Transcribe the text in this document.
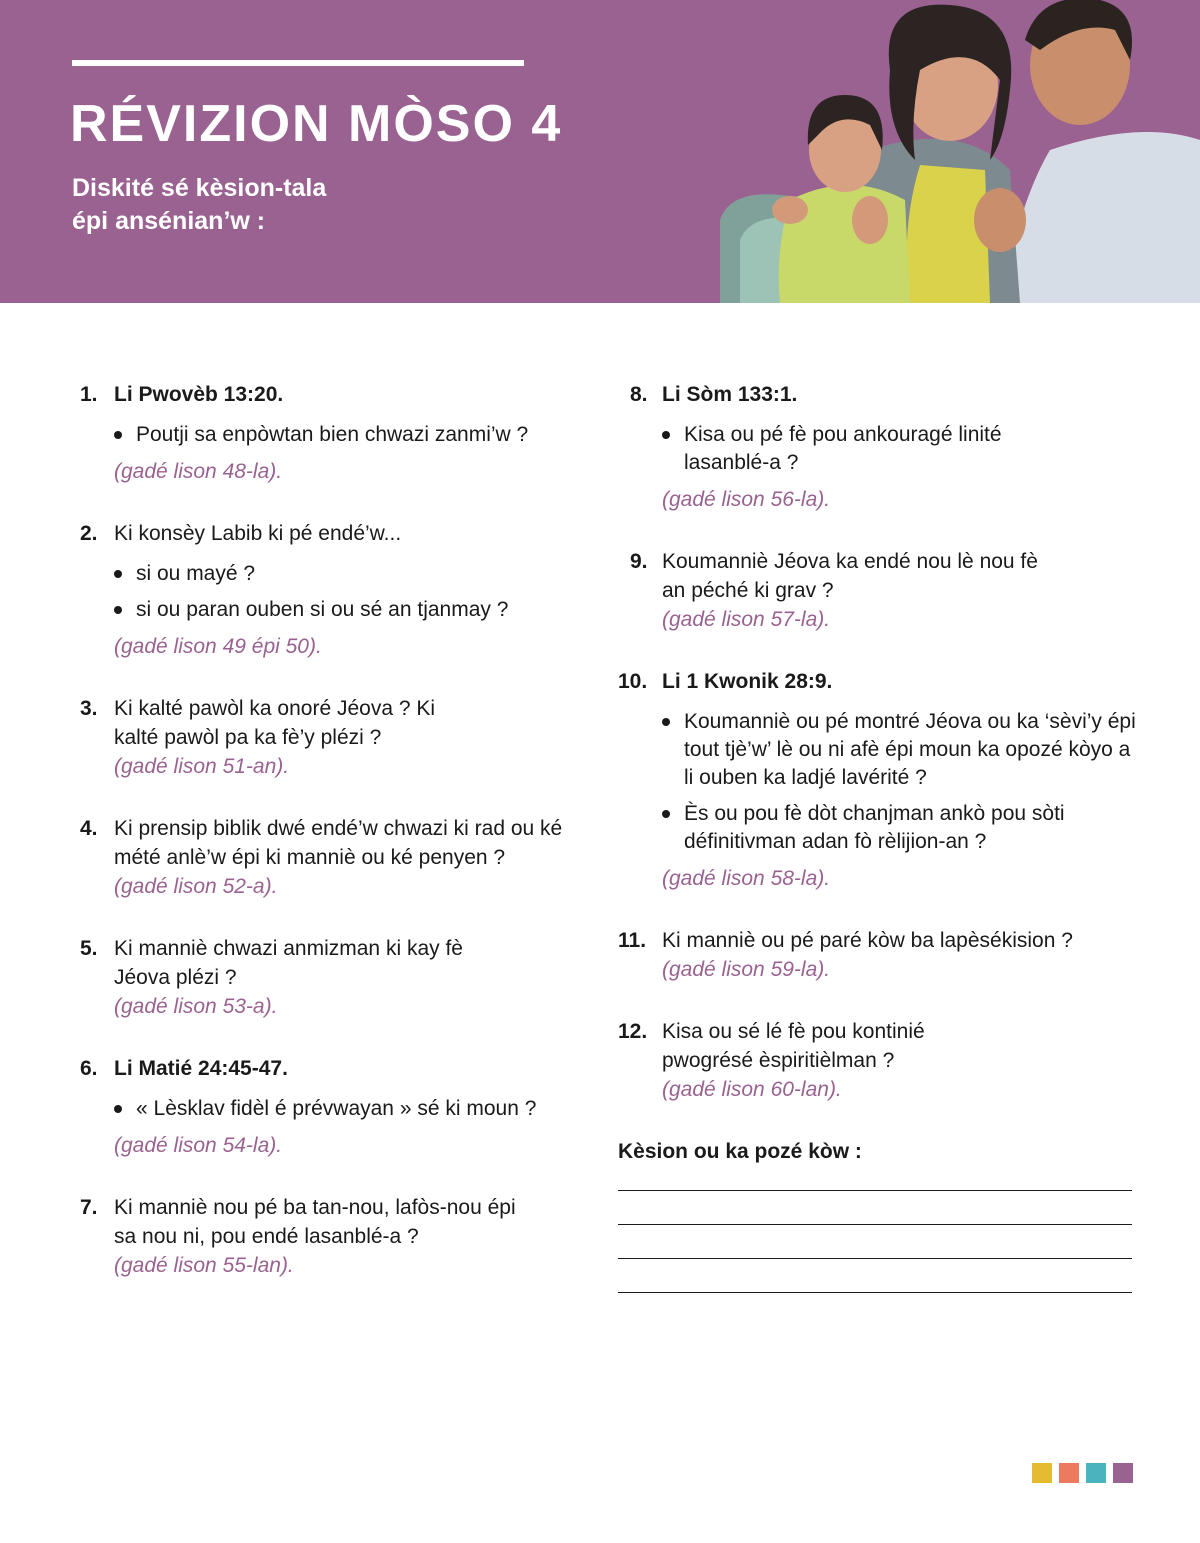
RÉVIZION MÒSO 4

Diskité sé kèsion-tala
épi anséniаn’w :

1. Li Pwovèb 13:20.

Poutji sa enpòwtan bien chwazi zanmi’w ?

(gadé lison 48-la).

2. Ki konsèy Labib ki pé endé’w...

si ou mayé ?
si ou paran ouben si ou sé an tjanmay ?

(gadé lison 49 épi 50).

3. Ki kalté pawòl ka onoré Jéova ? Ki kalté pawòl pa ka fè’y plézi ?

(gadé lison 51-an).

4. Ki prensip biblik dwé endé’w chwazi ki rad ou ké mété anlè’w épi ki manniè ou ké penyen ?

(gadé lison 52-a).

5. Ki manniè chwazi anmizman ki kay fè Jéova plézi ?

(gadé lison 53-a).

6. Li Matié 24:45-47.

« Lèsklav fidèl é prévwayan » sé ki moun ?

(gadé lison 54-la).

7. Ki manniè nou pé ba tan-nou, lafòs-nou épi sa nou ni, pou endé lasanblé-a ?

(gadé lison 55-lan).

8. Li Sòm 133:1.

Kisa ou pé fè pou ankouragé linité lasanblé-a ?

(gadé lison 56-la).

9. Koumanniè Jéova ka endé nou lè nou fè an péché ki grav ?

(gadé lison 57-la).

10. Li 1 Kwonik 28:9.

Koumanniè ou pé montré Jéova ou ka ‘sèvi’y épi tout tjè’w’ lè ou ni afè épi moun ka opozé kòyo a li ouben ka ladjé lavérité ?
Ès ou pou fè dòt chanjman ankò pou sòti définitivman adan fò rèlijion-an ?

(gadé lison 58-la).

11. Ki manniè ou pé paré kòw ba lapèsékision ?

(gadé lison 59-la).

12. Kisa ou sé lé fè pou kontinié pwogrésé èspiritièlman ?

(gadé lison 60-lan).

Kèsion ou ka pozé kòw :
